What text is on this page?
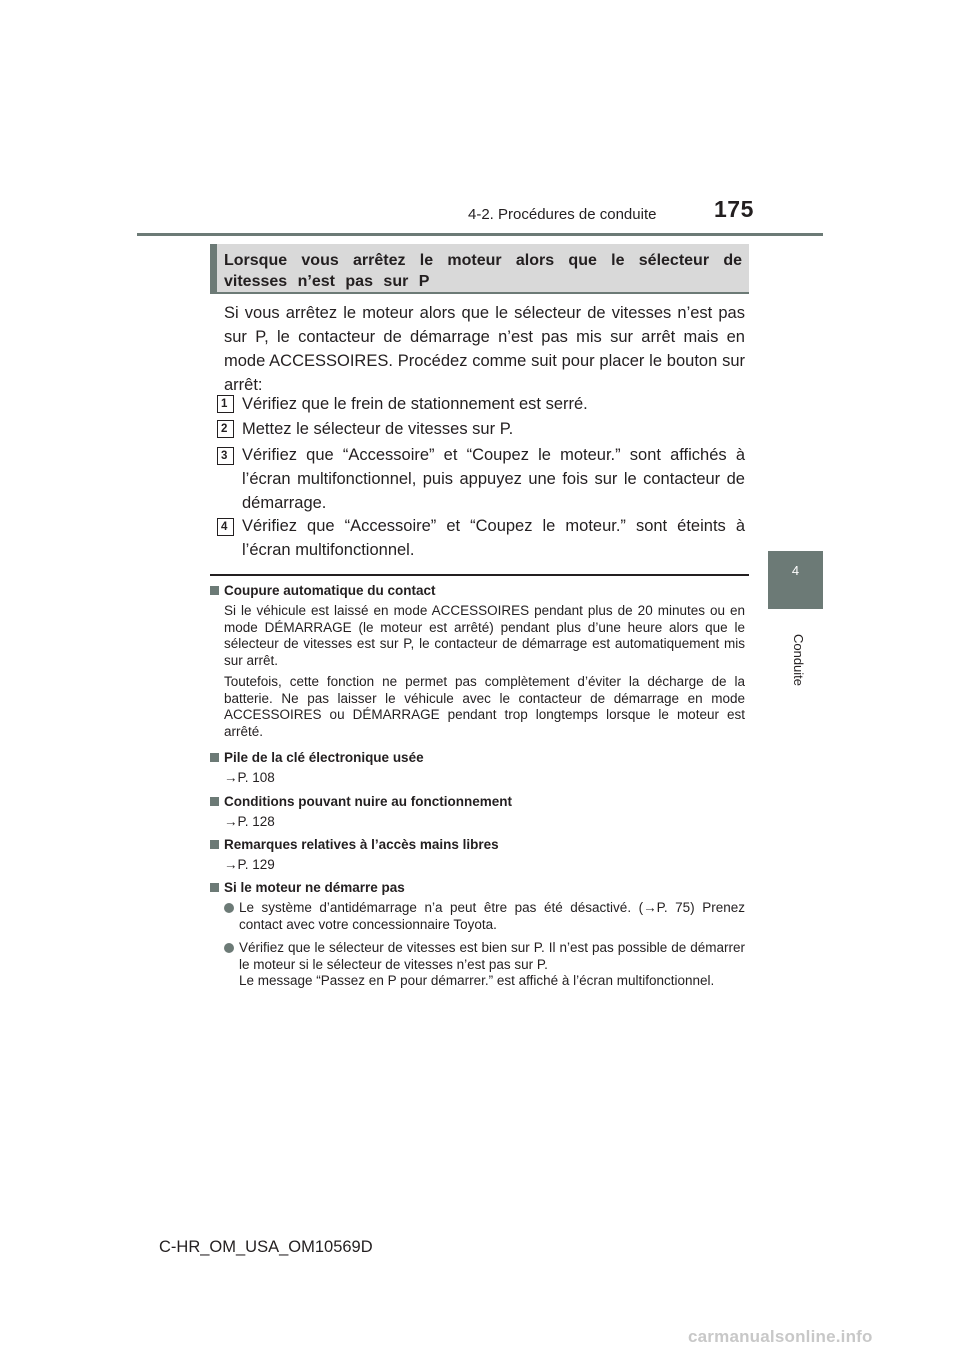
4-2. Procédures de conduite	175
4
Conduite
Lorsque vous arrêtez le moteur alors que le sélecteur de vitesses n’est pas sur P
Si vous arrêtez le moteur alors que le sélecteur de vitesses n’est pas sur P, le contacteur de démarrage n’est pas mis sur arrêt mais en mode ACCESSOIRES. Procédez comme suit pour placer le bouton sur arrêt:
1 Vérifiez que le frein de stationnement est serré.
2 Mettez le sélecteur de vitesses sur P.
3 Vérifiez que “Accessoire” et “Coupez le moteur.” sont affichés à l’écran multifonctionnel, puis appuyez une fois sur le contacteur de démarrage.
4 Vérifiez que “Accessoire” et “Coupez le moteur.” sont éteints à l’écran multifonctionnel.
Coupure automatique du contact
Si le véhicule est laissé en mode ACCESSOIRES pendant plus de 20 minutes ou en mode DÉMARRAGE (le moteur est arrêté) pendant plus d’une heure alors que le sélecteur de vitesses est sur P, le contacteur de démarrage est automatiquement mis sur arrêt.
Toutefois, cette fonction ne permet pas complètement d’éviter la décharge de la batterie. Ne pas laisser le véhicule avec le contacteur de démarrage en mode ACCESSOIRES ou DÉMARRAGE pendant trop longtemps lorsque le moteur est arrêté.
Pile de la clé électronique usée
→P. 108
Conditions pouvant nuire au fonctionnement
→P. 128
Remarques relatives à l’accès mains libres
→P. 129
Si le moteur ne démarre pas
Le système d’antidémarrage n’a peut être pas été désactivé. (→P. 75) Prenez contact avec votre concessionnaire Toyota.
Vérifiez que le sélecteur de vitesses est bien sur P. Il n’est pas possible de démarrer le moteur si le sélecteur de vitesses n’est pas sur P.
Le message “Passez en P pour démarrer.” est affiché à l’écran multifonctionnel.
C-HR_OM_USA_OM10569D
carmanualsonline.info
